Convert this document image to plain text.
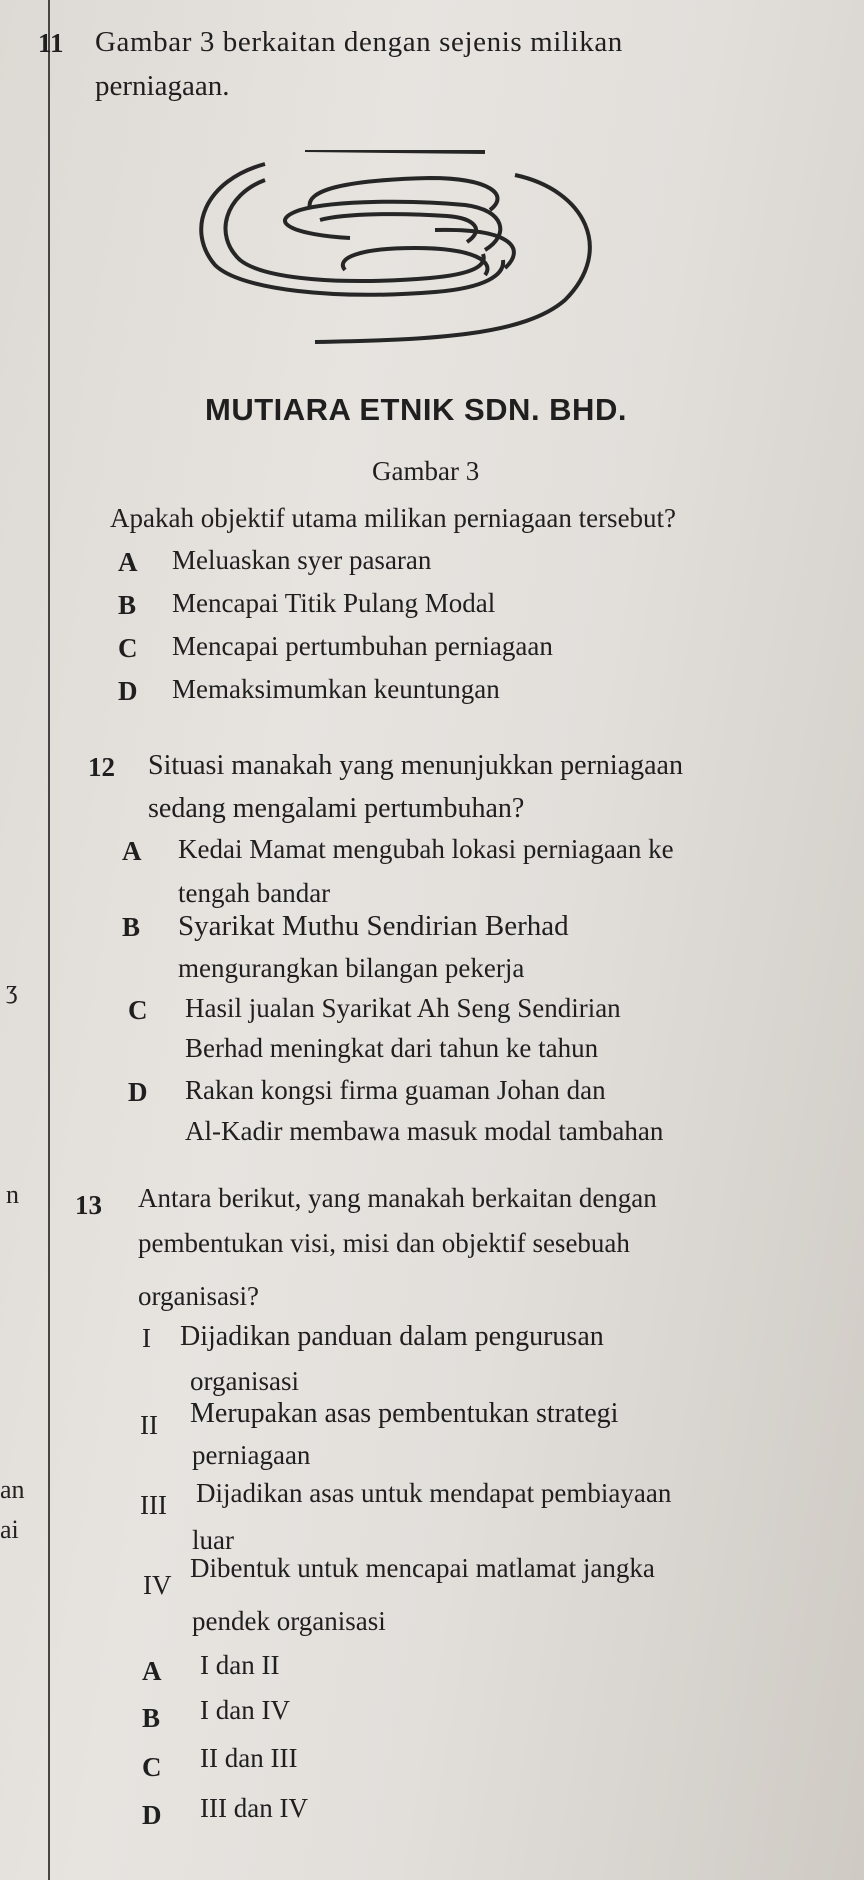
ʒ
n
an
ai
11 Gambar 3 berkaitan dengan sejenis milikan
perniagaan.
MUTIARA ETNIK SDN. BHD.
Gambar 3
Apakah objektif utama milikan perniagaan tersebut?
A Meluaskan syer pasaran
B Mencapai Titik Pulang Modal
C Mencapai pertumbuhan perniagaan
D Memaksimumkan keuntungan
12 Situasi manakah yang menunjukkan perniagaan
sedang mengalami pertumbuhan?
A Kedai Mamat mengubah lokasi perniagaan ke
tengah bandar
B Syarikat Muthu Sendirian Berhad
mengurangkan bilangan pekerja
C Hasil jualan Syarikat Ah Seng Sendirian
Berhad meningkat dari tahun ke tahun
D Rakan kongsi firma guaman Johan dan
Al-Kadir membawa masuk modal tambahan
13 Antara berikut, yang manakah berkaitan dengan
pembentukan visi, misi dan objektif sesebuah
organisasi?
I Dijadikan panduan dalam pengurusan
organisasi
II Merupakan asas pembentukan strategi
perniagaan
III Dijadikan asas untuk mendapat pembiayaan
luar
IV
Dibentuk untuk mencapai matlamat jangka
pendek organisasi
A I dan II
B I dan IV
C II dan III
D III dan IV
